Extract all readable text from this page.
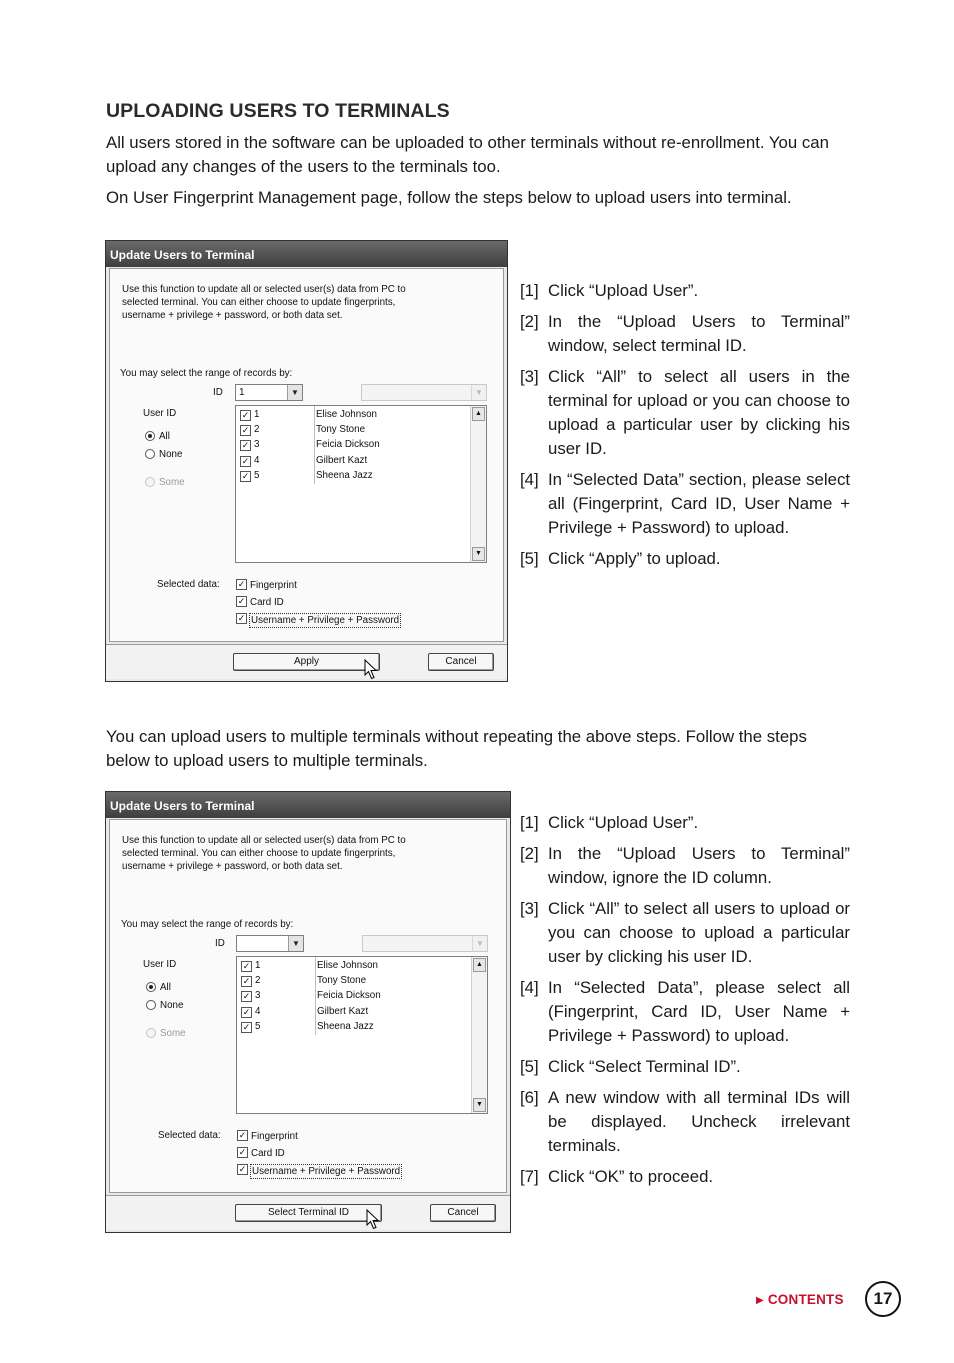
UPLOADING USERS TO TERMINALS
All users stored in the software can be uploaded to other terminals without re-enrollment. You can upload any changes of the users to the terminals too.
On User Fingerprint Management page, follow the steps below to upload users into terminal.
Update Users to Terminal
Use this function to update all or selected user(s) data from PC to
selected terminal. You can either choose to update fingerprints,
username + privilege + password, or both data set.
You may select the range of records by:
ID	1	▼	▼
User ID
All
None
Some
✓ 1	Elise Johnson
✓ 2	Tony Stone
✓ 3	Feicia Dickson
✓ 4	Gilbert Kazt
✓ 5	Sheena Jazz
▲
▼
Selected data: ✓ Fingerprint
✓ Card ID
✓ Username + Privilege + Password
Apply	Cancel
[1] Click “Upload User”.
[2] In the “Upload Users to Terminal” window, select terminal ID.
[3] Click “All” to select all users in the terminal for upload or you can choose to upload a particular user by clicking his user ID.
[4] In “Selected Data” section, please select all (Fingerprint, Card ID, User Name + Privilege + Password) to upload.
[5] Click “Apply” to upload.
You can upload users to multiple terminals without repeating the above steps. Follow the steps below to upload users to multiple terminals.
Update Users to Terminal
Use this function to update all or selected user(s) data from PC to
selected terminal. You can either choose to update fingerprints,
username + privilege + password, or both data set.
You may select the range of records by:
ID	▼	▼
User ID
All
None
Some
✓ 1	Elise Johnson
✓ 2	Tony Stone
✓ 3	Feicia Dickson
✓ 4	Gilbert Kazt
✓ 5	Sheena Jazz
▲
▼
Selected data: ✓ Fingerprint
✓ Card ID
✓ Username + Privilege + Password
Select Terminal ID	Cancel
[1] Click “Upload User”.
[2] In the “Upload Users to Terminal” window, ignore the ID column.
[3] Click “All” to select all users to upload or you can choose to upload a particular user by clicking his user ID.
[4] In “Selected Data”, please select all (Fingerprint, Card ID, User Name + Privilege + Password) to upload.
[5] Click “Select Terminal ID”.
[6] A new window with all terminal IDs will be displayed. Uncheck irrelevant terminals.
[7] Click “OK” to proceed.
▶ CONTENTS	17
